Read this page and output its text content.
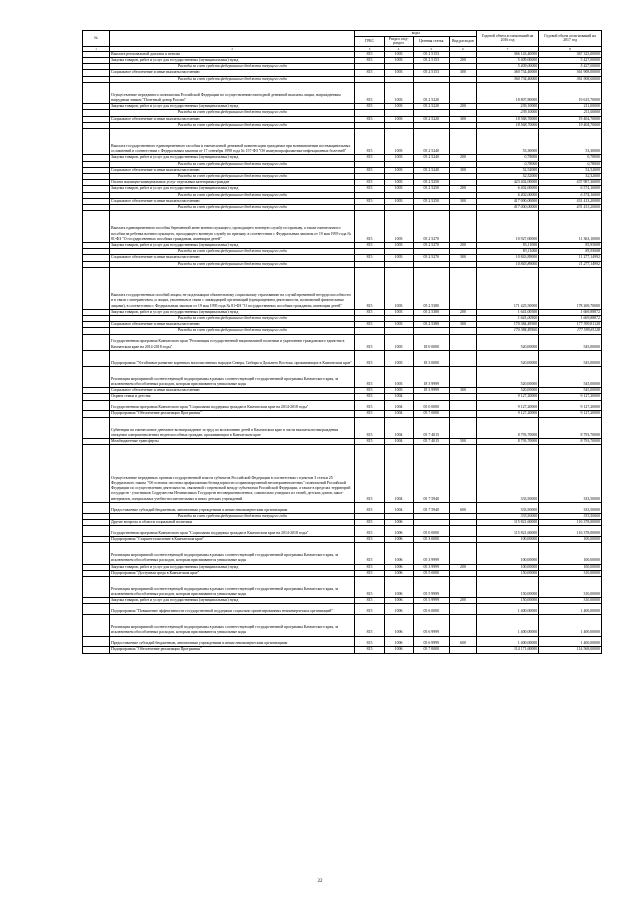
№		коды				Годовой объем ассигнований на 2016 год	Годовой объем ассигнований на 2017 год
		ГРБС	Раздел, под-раздел	Целевая статья	Вид расходов		
1	2	3	4	5	6	7	8
	Выплата региональной доплаты к пенсии	815	1003	05 2 5153		366 143,40000	367 325,00000
	Закупка товаров, работ и услуг для государственных (муниципальных) нужд	815	1003	05 2 5153	200	5 409,00000	5 427,00000
	Расходы за счет средств федерального бюджета текущего года					5 409,00000	5 427,00000
	Социальное обеспечение и иные выплаты населению	815	1003	05 2 5153	300	360 734,40000	361 908,00000
	Расходы за счет средств федерального бюджета текущего года					360 734,40000	361 908,00000
	Осуществление переданного полномочия Российской Федерации по осуществлению ежегодной денежной выплаты лицам, награжденным нагрудным знаком "Почетный донор России"	815	1003	05 2 5220		18 807,80000	19 615,70000
	Закупка товаров, работ и услуг для государственных (муниципальных) нужд	815	1003	05 2 5220	200	239,10000	211,00000
	Расходы за счет средств федерального бюджета текущего года					239,10000	211,00000
	Социальное обеспечение и иные выплаты населению	815	1003	05 2 5220	300	18 568,70000	19 404,70000
	Расходы за счет средств федерального бюджета текущего года					18 568,70000	19 404,70000
	Выплата государственного единовременного пособия и ежемесячной денежной компенсации гражданам при возникновении поствакцинальных осложнений в соответствии с Федеральным законом от 17 сентября 1998 года № 157-ФЗ "Об иммунопрофилактике инфекционных болезней"	815	1003	05 2 5240		53,30000	53,30000
	Закупка товаров, работ и услуг для государственных (муниципальных) нужд	815	1003	05 2 5240	200	0,78000	0,78000
	Расходы за счет средств федерального бюджета текущего года					0,78000	0,78000
	Социальное обеспечение и иные выплаты населению	815	1003	05 2 5240	300	52,52000	52,52000
	Расходы за счет средств федерального бюджета текущего года					52,52000	52,52000
	Оплата жилищно-коммунальных услуг отдельным категориям граждан	815	1003	05 2 5250		423 402,00000	437 987,36000
	Закупка товаров, работ и услуг для государственных (муниципальных) нужд	815	1003	05 2 5250	200	6 402,00000	6 574,16000
	Расходы за счет средств федерального бюджета текущего года					6 402,00000	6 574,16000
	Социальное обеспечение и иные выплаты населению	815	1003	05 2 5250	300	417 000,00000	431 413,20000
	Расходы за счет средств федерального бюджета текущего года					417 000,00000	431 413,20000
	Выплата единовременного пособия беременной жене военнослужащего, проходящего военную службу по призыву, а также ежемесячного пособия на ребенка военнослужащего, проходящего военную службу по призыву, в соответствии с Федеральным законом от 19 мая 1995 года № 81-ФЗ "О государственных пособиях гражданам, имеющим детей"	815	1003	05 2 5270		10 927,00000	11 363,10000
	Закупка товаров, работ и услуг для государственных (муниципальных) нужд	815	1003	05 2 5270	200	83,11000	85,95008
	Расходы за счет средств федерального бюджета текущего года					83,11000	85,95008
	Социальное обеспечение и иные выплаты населению	815	1003	05 2 5270	300	10 843,89000	11 277,14992
	Расходы за счет средств федерального бюджета текущего года					10 843,89000	11 277,14992
	Выплата государственных пособий лицам, не подлежащим обязательному социальному страхованию на случай временной нетрудоспособности и в связи с материнством, и лицам, уволенным в связи с ликвидацией организаций (прекращением деятельности, полномочий физическими лицами), в соответствии с Федеральным законом от 19 мая 1995 года № 81-ФЗ "О государственных пособиях гражданам, имеющим детей"	815	1003	05 2 5380		171 425,50000	178 269,70000
	Закупка товаров, работ и услуг для государственных (муниципальных) нужд	815	1003	05 2 5380	200	1 641,00500	1 669,88872
	Расходы за счет средств федерального бюджета текущего года					1 641,00500	1 669,88872
	Социальное обеспечение и иные выплаты населению	815	1003	05 2 5380	300	170 384,49500	177 599,81128
	Расходы за счет средств федерального бюджета текущего года					170 384,49500	177 599,81128
	Государственная программа Камчатского края "Реализация государственной национальной политики и укрепление гражданского единства в Камчатском крае на 2014-2018 годы"	815	1003	18 0 0000		520,00000	545,00000
	Подпрограмма "Устойчивое развитие коренных малочисленных народов Севера, Сибири и Дальнего Востока, проживающих в Камчатском крае"	815	1003	18 3 0000		520,00000	545,00000
	Реализация мероприятий соответствующей подпрограммы в рамках соответствующей государственной программы Камчатского края, за исключением обособленных расходов, которым присваиваются уникальные коды	815	1003	18 3 9999		520,00000	545,00000
	Социальное обеспечение и иные выплаты населению	815	1003	18 3 9999	300	520,00000	545,00000
	Охрана семьи и детства	815	1004			9 127,20000	9 127,20000
	Государственная программа Камчатского края "Социальная поддержка граждан в Камчатском крае на 2014-2018 годы"	815	1004	05 0 0000		9 127,20000	9 127,20000
	Подпрограмма "Обеспечение реализации Программы"	815	1004	05 7 0000		9 127,20000	9 127,20000
	Субвенции на ежемесячное денежное вознаграждение за труд по воспитанию детей в Камчатском крае в части выплаты вознаграждения опекунам совершеннолетних недееспособных граждан, проживающим в Камчатском крае	815	1004	05 7 4015		8 793,70000	8 793,70000
	Межбюджетные трансферты	815	1004	05 7 4015	500	8 793,70000	8 793,70000
	Осуществление переданных органам государственной власти субъектов Российской Федерации в соответствии с пунктом 3 статьи 25 Федерального закона "Об основах системы профилактики безнадзорности и правонарушений несовершеннолетних" полномочий Российской Федерации по осуществлению деятельности, связанной с перевозкой между субъектами Российской Федерации, а также в пределах территорий государств - участников Содружества Независимых Государств несовершеннолетних, самовольно ушедших из семей, детских домов, школ-интернатов, специальных учебно-воспитательных и иных детских учреждений	815	1004	05 7 5940		333,50000	333,50000
	Предоставление субсидий бюджетным, автономным учреждениям и иным некоммерческим организациям	815	1004	05 7 5940	600	333,50000	333,50000
	Расходы за счет средств федерального бюджета текущего года					333,50000	333,50000
	Другие вопросы в области социальной политики	815	1006			115 821,60000	116 378,00000
	Государственная программа Камчатского края "Социальная поддержка граждан в Камчатском крае на 2014-2018 годы"	815	1006	05 0 0000		115 821,60000	116 378,00000
	Подпрограмма "Старшее поколение в Камчатском крае"	815	1006	05 3 0000		100,00000	100,00000
	Реализация мероприятий соответствующей подпрограммы в рамках соответствующей государственной программы Камчатского края, за исключением обособленных расходов, которым присваиваются уникальные коды	815	1006	05 3 9999		100,00000	100,00000
	Закупка товаров, работ и услуг для государственных (муниципальных) нужд	815	1006	05 3 9999	200	100,00000	100,00000
	Подпрограмма "Доступная среда в Камчатском крае"	815	1006	05 5 0000		150,00000	310,00000
	Реализация мероприятий соответствующей подпрограммы в рамках соответствующей государственной программы Камчатского края, за исключением обособленных расходов, которым присваиваются уникальные коды	815	1006	05 5 9999		150,00000	310,00000
	Закупка товаров, работ и услуг для государственных (муниципальных) нужд	815	1006	05 5 9999	200	150,00000	310,00000
	Подпрограмма "Повышение эффективности государственной поддержки социально ориентированных некоммерческих организаций"	815	1006	05 6 0000		1 400,00000	1 400,00000
	Реализация мероприятий соответствующей подпрограммы в рамках соответствующей государственной программы Камчатского края, за исключением обособленных расходов, которым присваиваются уникальные коды	815	1006	05 6 9999		1 400,00000	1 400,00000
	Предоставление субсидий бюджетным, автономным учреждениям и иным некоммерческим организациям	815	1006	05 6 9999	600	1 400,00000	1 400,00000
	Подпрограмма "Обеспечение реализации Программы"	815	1006	05 7 0000		114 171,60000	114 568,00000
22
